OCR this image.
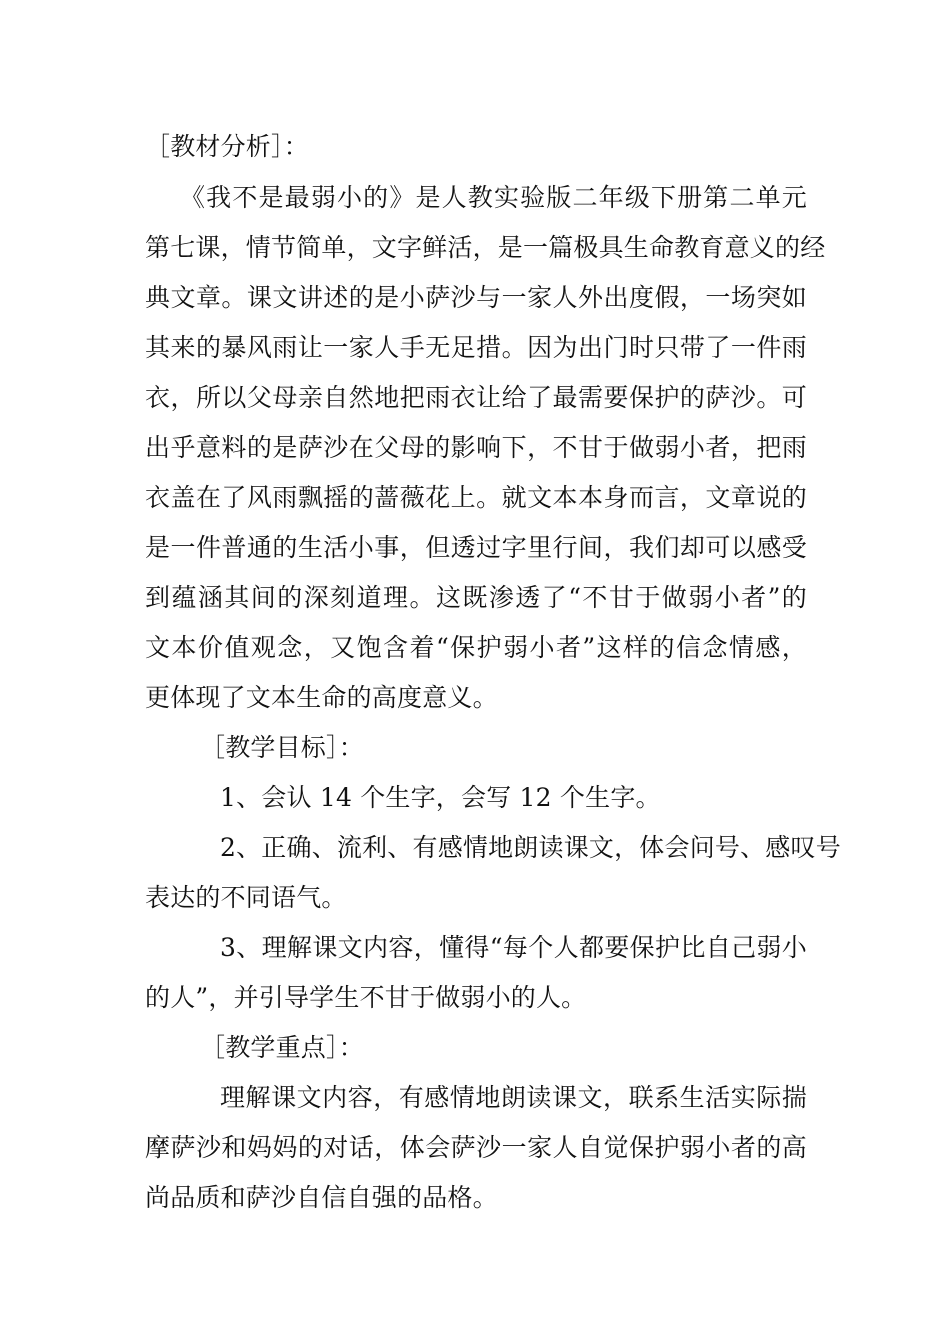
［教材分析］：
《我不是最弱小的》是人教实验版二年级下册第二单元
第七课，情节简单，文字鲜活，是一篇极具生命教育意义的经
典文章。课文讲述的是小萨沙与一家人外出度假，一场突如
其来的暴风雨让一家人手无足措。因为出门时只带了一件雨
衣，所以父母亲自然地把雨衣让给了最需要保护的萨沙。可
出乎意料的是萨沙在父母的影响下，不甘于做弱小者，把雨
衣盖在了风雨飘摇的蔷薇花上。就文本本身而言，文章说的
是一件普通的生活小事，但透过字里行间，我们却可以感受
到蕴涵其间的深刻道理。这既渗透了“不甘于做弱小者”的
文本价值观念，又饱含着“保护弱小者”这样的信念情感，
更体现了文本生命的高度意义。
［教学目标］：
1、会认 14 个生字，会写 12 个生字。
2、正确、流利、有感情地朗读课文，体会问号、感叹号
表达的不同语气。
3、理解课文内容，懂得“每个人都要保护比自己弱小
的人”，并引导学生不甘于做弱小的人。
［教学重点］：
理解课文内容，有感情地朗读课文，联系生活实际揣
摩萨沙和妈妈的对话，体会萨沙一家人自觉保护弱小者的高
尚品质和萨沙自信自强的品格。
